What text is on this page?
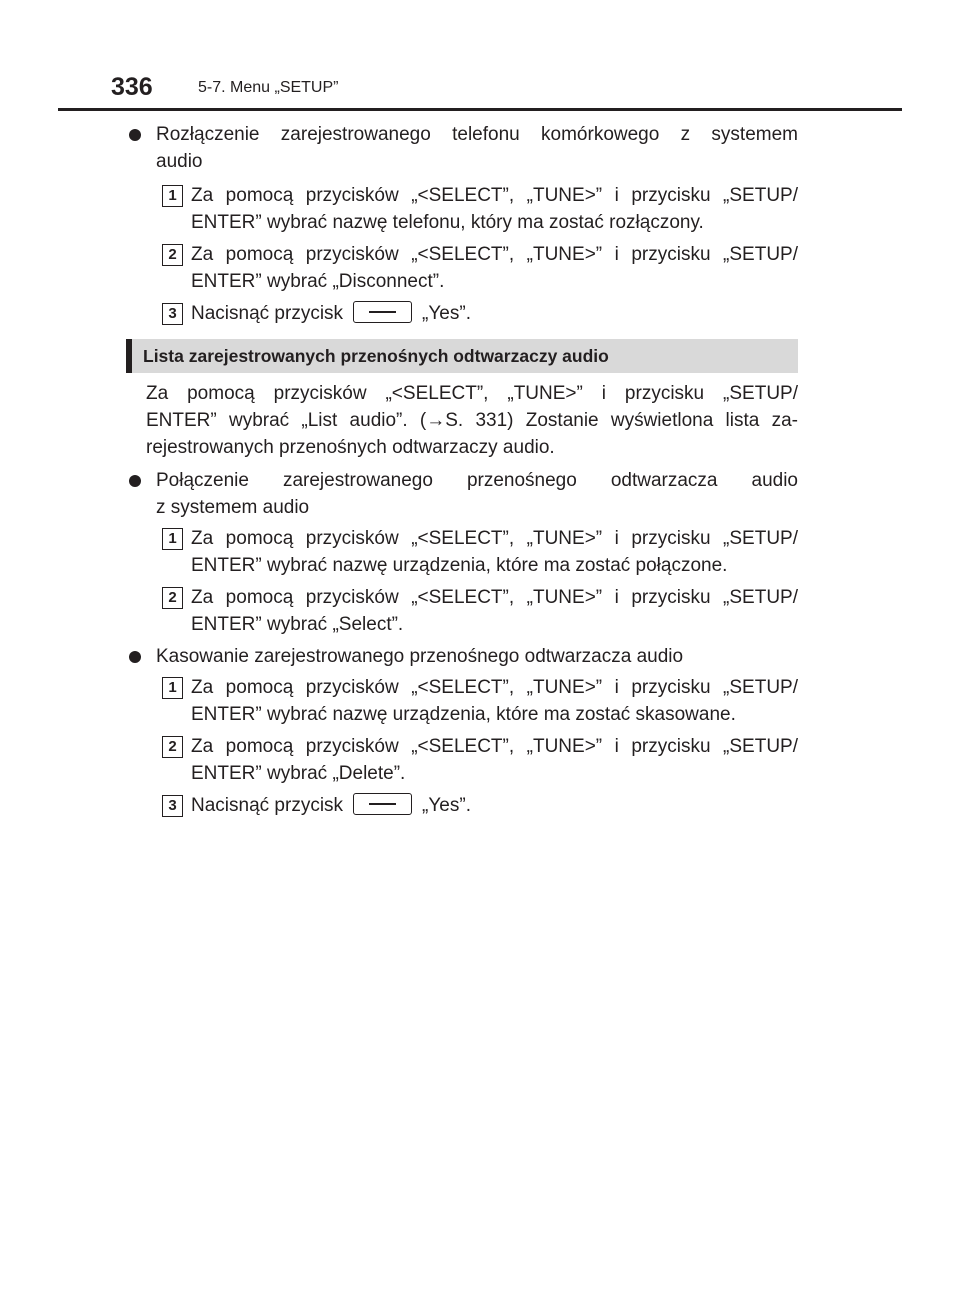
336	5-7. Menu „SETUP”

Rozłączenie zarejestrowanego telefonu komórkowego z systemem

audio

1 Za pomocą przycisków „<SELECT”, „TUNE>” i przycisku „SETUP/

ENTER” wybrać nazwę telefonu, który ma zostać rozłączony.

2 Za pomocą przycisków „<SELECT”, „TUNE>” i przycisku „SETUP/

ENTER” wybrać „Disconnect”.

3 Nacisnąć przycisk	„Yes”.

Lista zarejestrowanych przenośnych odtwarzaczy audio

Za pomocą przycisków „<SELECT”, „TUNE>” i przycisku „SETUP/

ENTER” wybrać „List audio”. (→S. 331) Zostanie wyświetlona lista za-

rejestrowanych przenośnych odtwarzaczy audio.

Połączenie zarejestrowanego przenośnego odtwarzacza audio

z systemem audio

1 Za pomocą przycisków „<SELECT”, „TUNE>” i przycisku „SETUP/

ENTER” wybrać nazwę urządzenia, które ma zostać połączone.

2 Za pomocą przycisków „<SELECT”, „TUNE>” i przycisku „SETUP/

ENTER” wybrać „Select”.

Kasowanie zarejestrowanego przenośnego odtwarzacza audio

1 Za pomocą przycisków „<SELECT”, „TUNE>” i przycisku „SETUP/

ENTER” wybrać nazwę urządzenia, które ma zostać skasowane.

2 Za pomocą przycisków „<SELECT”, „TUNE>” i przycisku „SETUP/

ENTER” wybrać „Delete”.

3 Nacisnąć przycisk	„Yes”.
